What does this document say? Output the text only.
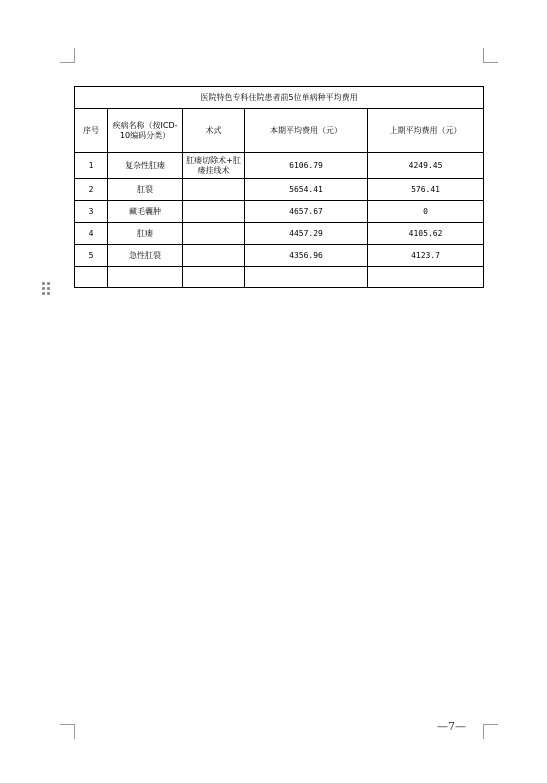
医院特色专科住院患者前5位单病种平均费用				
序号	疾病名称（按ICD-10编码分类）	术式	本期平均费用（元）	上期平均费用（元）
1	复杂性肛瘘	肛瘘切除术+肛瘘挂线术	6106.79	4249.45
2	肛裂		5654.41	576.41
3	藏毛囊肿		4657.67	0
4	肛瘘		4457.29	4105.62
5	急性肛裂		4356.96	4123.7

—7—
